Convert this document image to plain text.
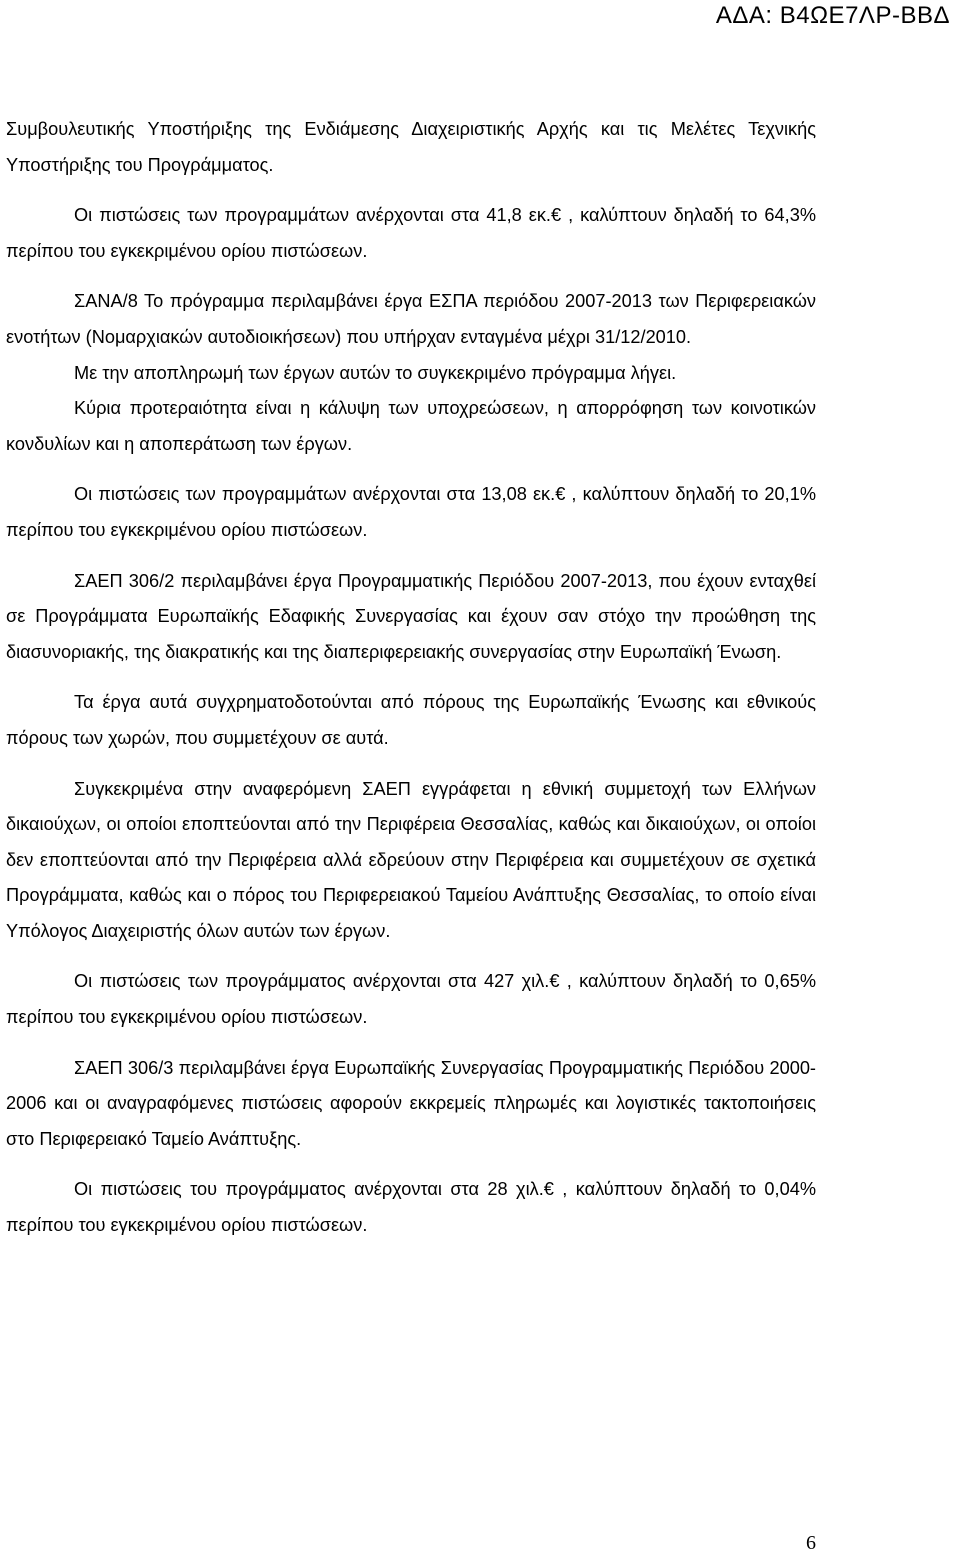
ΑΔΑ: Β4ΩΕ7ΛΡ-ΒΒΔ

Συμβουλευτικής Υποστήριξης της Ενδιάμεσης Διαχειριστικής Αρχής και τις Μελέτες Τεχνικής Υποστήριξης του Προγράμματος.

Οι πιστώσεις των προγραμμάτων ανέρχονται στα 41,8 εκ.€ , καλύπτουν δηλαδή το 64,3% περίπου του εγκεκριμένου ορίου πιστώσεων.

ΣΑΝΑ/8 Το πρόγραμμα περιλαμβάνει έργα ΕΣΠΑ περιόδου 2007-2013 των Περιφερειακών ενοτήτων (Νομαρχιακών αυτοδιοικήσεων) που υπήρχαν ενταγμένα μέχρι 31/12/2010.

Με την αποπληρωμή των έργων αυτών το συγκεκριμένο πρόγραμμα λήγει.

Κύρια προτεραιότητα είναι η κάλυψη των υποχρεώσεων, η απορρόφηση των κοινοτικών κονδυλίων και η αποπεράτωση των έργων.

Οι πιστώσεις των προγραμμάτων ανέρχονται στα 13,08 εκ.€ , καλύπτουν δηλαδή το 20,1% περίπου του εγκεκριμένου ορίου πιστώσεων.

ΣΑΕΠ 306/2 περιλαμβάνει έργα Προγραμματικής Περιόδου 2007-2013, που έχουν ενταχθεί σε Προγράμματα Ευρωπαϊκής Εδαφικής Συνεργασίας και έχουν σαν στόχο την προώθηση της διασυνοριακής, της διακρατικής και της διαπεριφερειακής συνεργασίας στην Ευρωπαϊκή Ένωση.

Τα έργα αυτά συγχρηματοδοτούνται από πόρους της Ευρωπαϊκής Ένωσης και εθνικούς πόρους των χωρών, που συμμετέχουν σε αυτά.

Συγκεκριμένα στην αναφερόμενη ΣΑΕΠ εγγράφεται η εθνική συμμετοχή των Ελλήνων δικαιούχων, οι οποίοι εποπτεύονται από την Περιφέρεια Θεσσαλίας, καθώς και δικαιούχων, οι οποίοι δεν εποπτεύονται από την Περιφέρεια αλλά εδρεύουν στην Περιφέρεια και συμμετέχουν σε σχετικά Προγράμματα, καθώς και ο πόρος του Περιφερειακού Ταμείου Ανάπτυξης Θεσσαλίας, το οποίο είναι Υπόλογος Διαχειριστής όλων αυτών των έργων.

Οι πιστώσεις των προγράμματος ανέρχονται στα 427 χιλ.€ , καλύπτουν δηλαδή το 0,65% περίπου του εγκεκριμένου ορίου πιστώσεων.

ΣΑΕΠ 306/3 περιλαμβάνει έργα Ευρωπαϊκής Συνεργασίας Προγραμματικής Περιόδου 2000-2006 και οι αναγραφόμενες πιστώσεις αφορούν εκκρεμείς πληρωμές και λογιστικές τακτοποιήσεις στο Περιφερειακό Ταμείο Ανάπτυξης.

Οι πιστώσεις του προγράμματος ανέρχονται στα 28 χιλ.€ , καλύπτουν δηλαδή το 0,04% περίπου του εγκεκριμένου ορίου πιστώσεων.

6
